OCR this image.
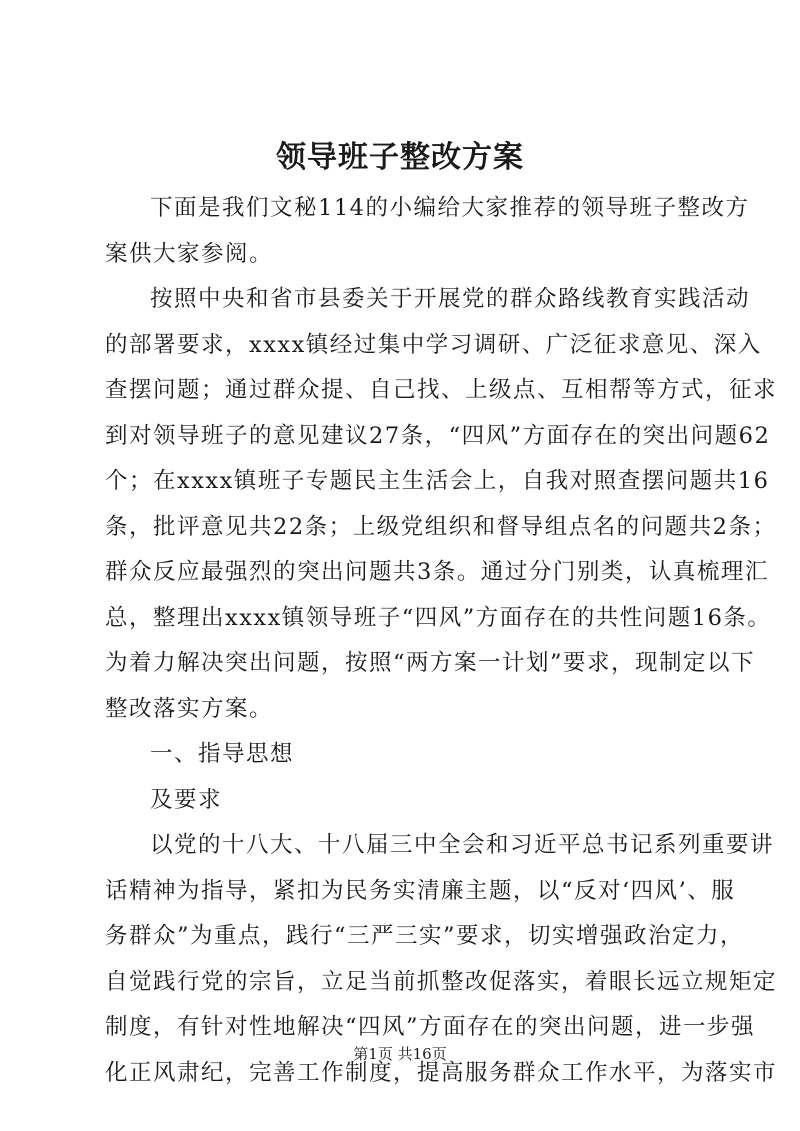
领导班子整改方案
下面是我们文秘114的小编给大家推荐的领导班子整改方
案供大家参阅。
按照中央和省市县委关于开展党的群众路线教育实践活动
的部署要求，xxxx镇经过集中学习调研、广泛征求意见、深入
查摆问题；通过群众提、自己找、上级点、互相帮等方式，征求
到对领导班子的意见建议27条，“四风”方面存在的突出问题62
个；在xxxx镇班子专题民主生活会上，自我对照查摆问题共16
条，批评意见共22条；上级党组织和督导组点名的问题共2条；
群众反应最强烈的突出问题共3条。通过分门别类，认真梳理汇
总，整理出xxxx镇领导班子“四风”方面存在的共性问题16条。
为着力解决突出问题，按照“两方案一计划”要求，现制定以下
整改落实方案。
一、指导思想
及要求
以党的十八大、十八届三中全会和习近平总书记系列重要讲
话精神为指导，紧扣为民务实清廉主题，以“反对‘四风’、服
务群众”为重点，践行“三严三实”要求，切实增强政治定力，
自觉践行党的宗旨，立足当前抓整改促落实，着眼长远立规矩定
制度，有针对性地解决“四风”方面存在的突出问题，进一步强
化正风肃纪，完善工作制度，提高服务群众工作水平，为落实市
第1页 共16页
